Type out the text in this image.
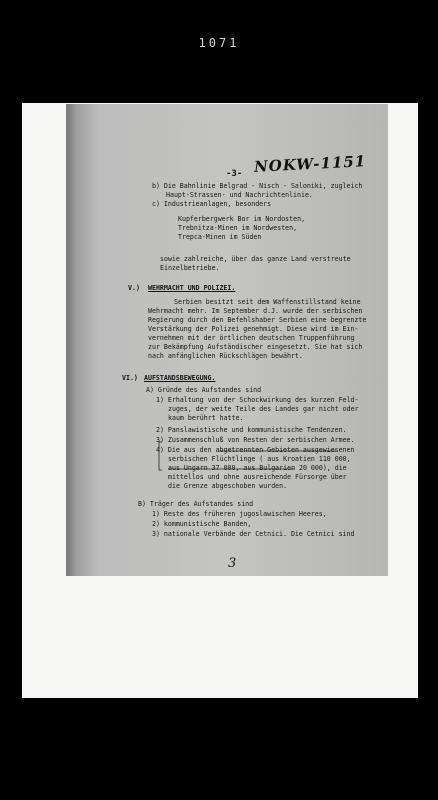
1071
-3- NOKW-1151
b) Die Bahnlinie Belgrad - Nisch - Saloniki, zugleich
Haupt-Strassen- und Nachrichtenlinie.
c) Industrieanlagen, besonders
Kupferbergwerk Bor im Nordosten,
Trebnitza-Minen im Nordwesten,
Trepca-Minen im Süden
sowie zahlreiche, über das ganze Land verstreute
Einzelbetriebe.
V.) WEHRMACHT UND POLIZEI.
Serbien besitzt seit dem Waffenstillstand keine
Wehrmacht mehr. Im September d.J. wurde der serbischen
Regierung durch den Befehlshaber Serbien eine begrenzte
Verstärkung der Polizei genehmigt. Diese wird im Ein-
vernehmen mit der örtlichen deutschen Truppenführung
zur Bekämpfung Aufständischer eingesetzt. Sie hat sich
nach anfänglichen Rückschlägen bewährt.
VI.) AUFSTANDSBEWEGUNG.
A) Gründe des Aufstandes sind
1) Erhaltung von der Schockwirkung des kurzen Feld-
zuges, der weite Teile des Landes gar nicht oder
kaum berührt hatte.
2) Panslawistische und kommunistische Tendenzen.
3) Zusammenschluß von Resten der serbischen Armee.
4) Die aus den abgetrennten Gebieten ausgewiesenen
serbischen Flüchtlinge ( aus Kroatien 110 000,
aus Ungarn 37 000, aus Bulgarien 20 000), die
mittellos und ohne ausreichende Fürsorge über
die Grenze abgeschoben wurden.
B) Träger des Aufstandes sind
1) Reste des früheren jugoslawischen Heeres,
2) kommunistische Banden,
3) nationale Verbände der Cetnici. Die Cetnici sind
3
